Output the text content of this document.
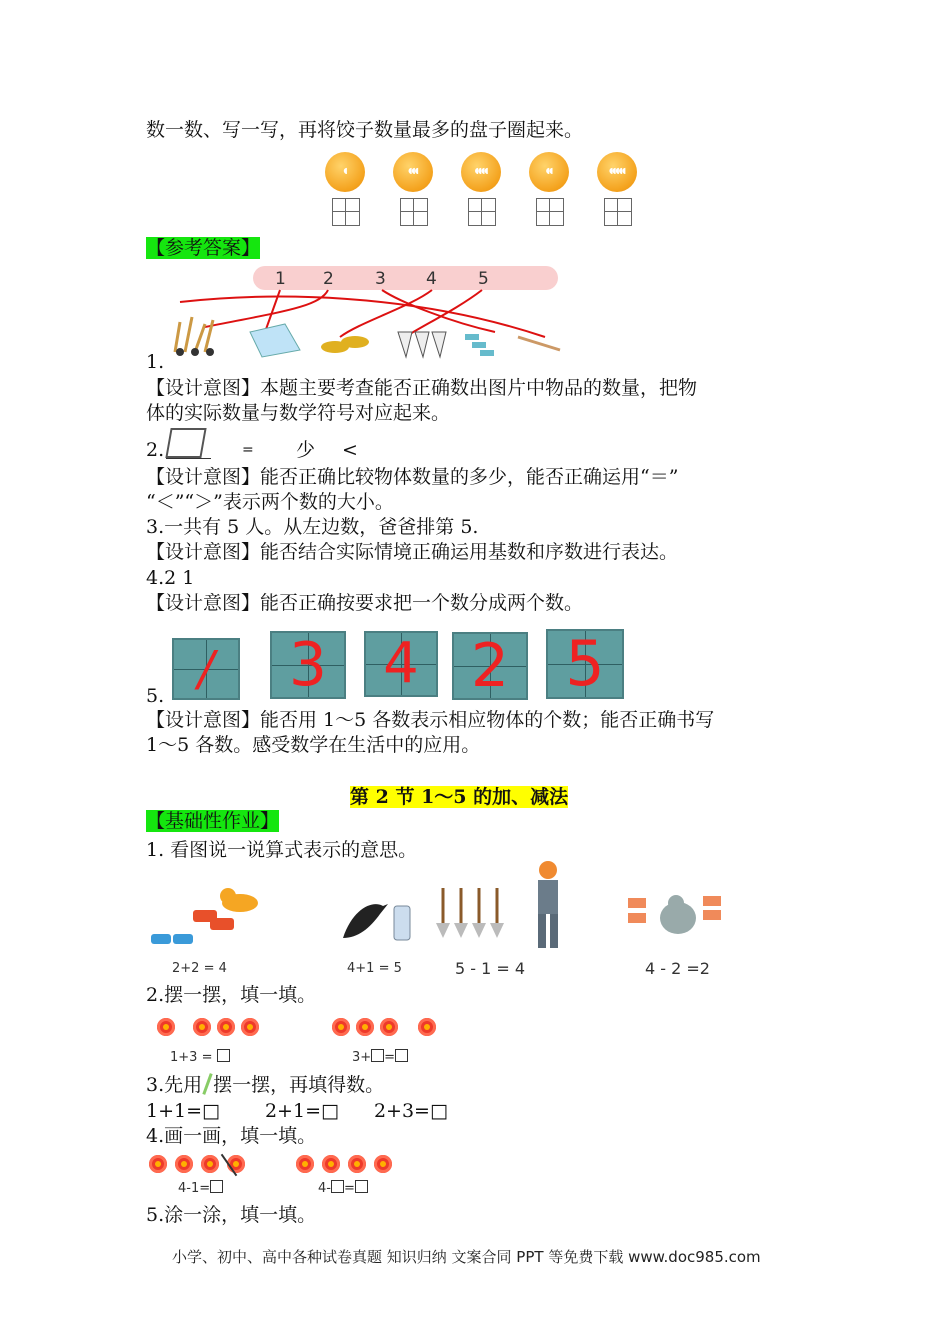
数一数、写一写，再将饺子数量最多的盘子圈起来。
◖	◖◖◖	◖◖◖◖	◖◖	◖◖◖◖◖
【参考答案】
1 2 3 4 5
1.
【设计意图】本题主要考查能否正确数出图片中物品的数量，把物
体的实际数量与数学符号对应起来。
2.	= 少 <
【设计意图】能否正确比较物体数量的多少，能否正确运用“＝”
“＜”“＞”表示两个数的大小。
3.一共有 5 人。从左边数，爸爸排第 5.
【设计意图】能否结合实际情境正确运用基数和序数进行表达。
4.2 1
【设计意图】能否正确按要求把一个数分成两个数。
/	3	4 2 5
5.
【设计意图】能否用 1～5 各数表示相应物体的个数；能否正确书写
1～5 各数。感受数学在生活中的应用。
第 2 节 1～5 的加、减法
【基础性作业】
1. 看图说一说算式表示的意思。
2+2 = 4	4+1 = 5	5 - 1 = 4	4 - 2 =2
2.摆一摆，填一填。
1+3 =	3+ =
3.先用 摆一摆，再填得数。
1+1=□ 2+1=□ 2+3=□
4.画一画，填一填。
4-1=	4- =
5.涂一涂，填一填。
小学、初中、高中各种试卷真题 知识归纳 文案合同 PPT 等免费下载 www.doc985.com
